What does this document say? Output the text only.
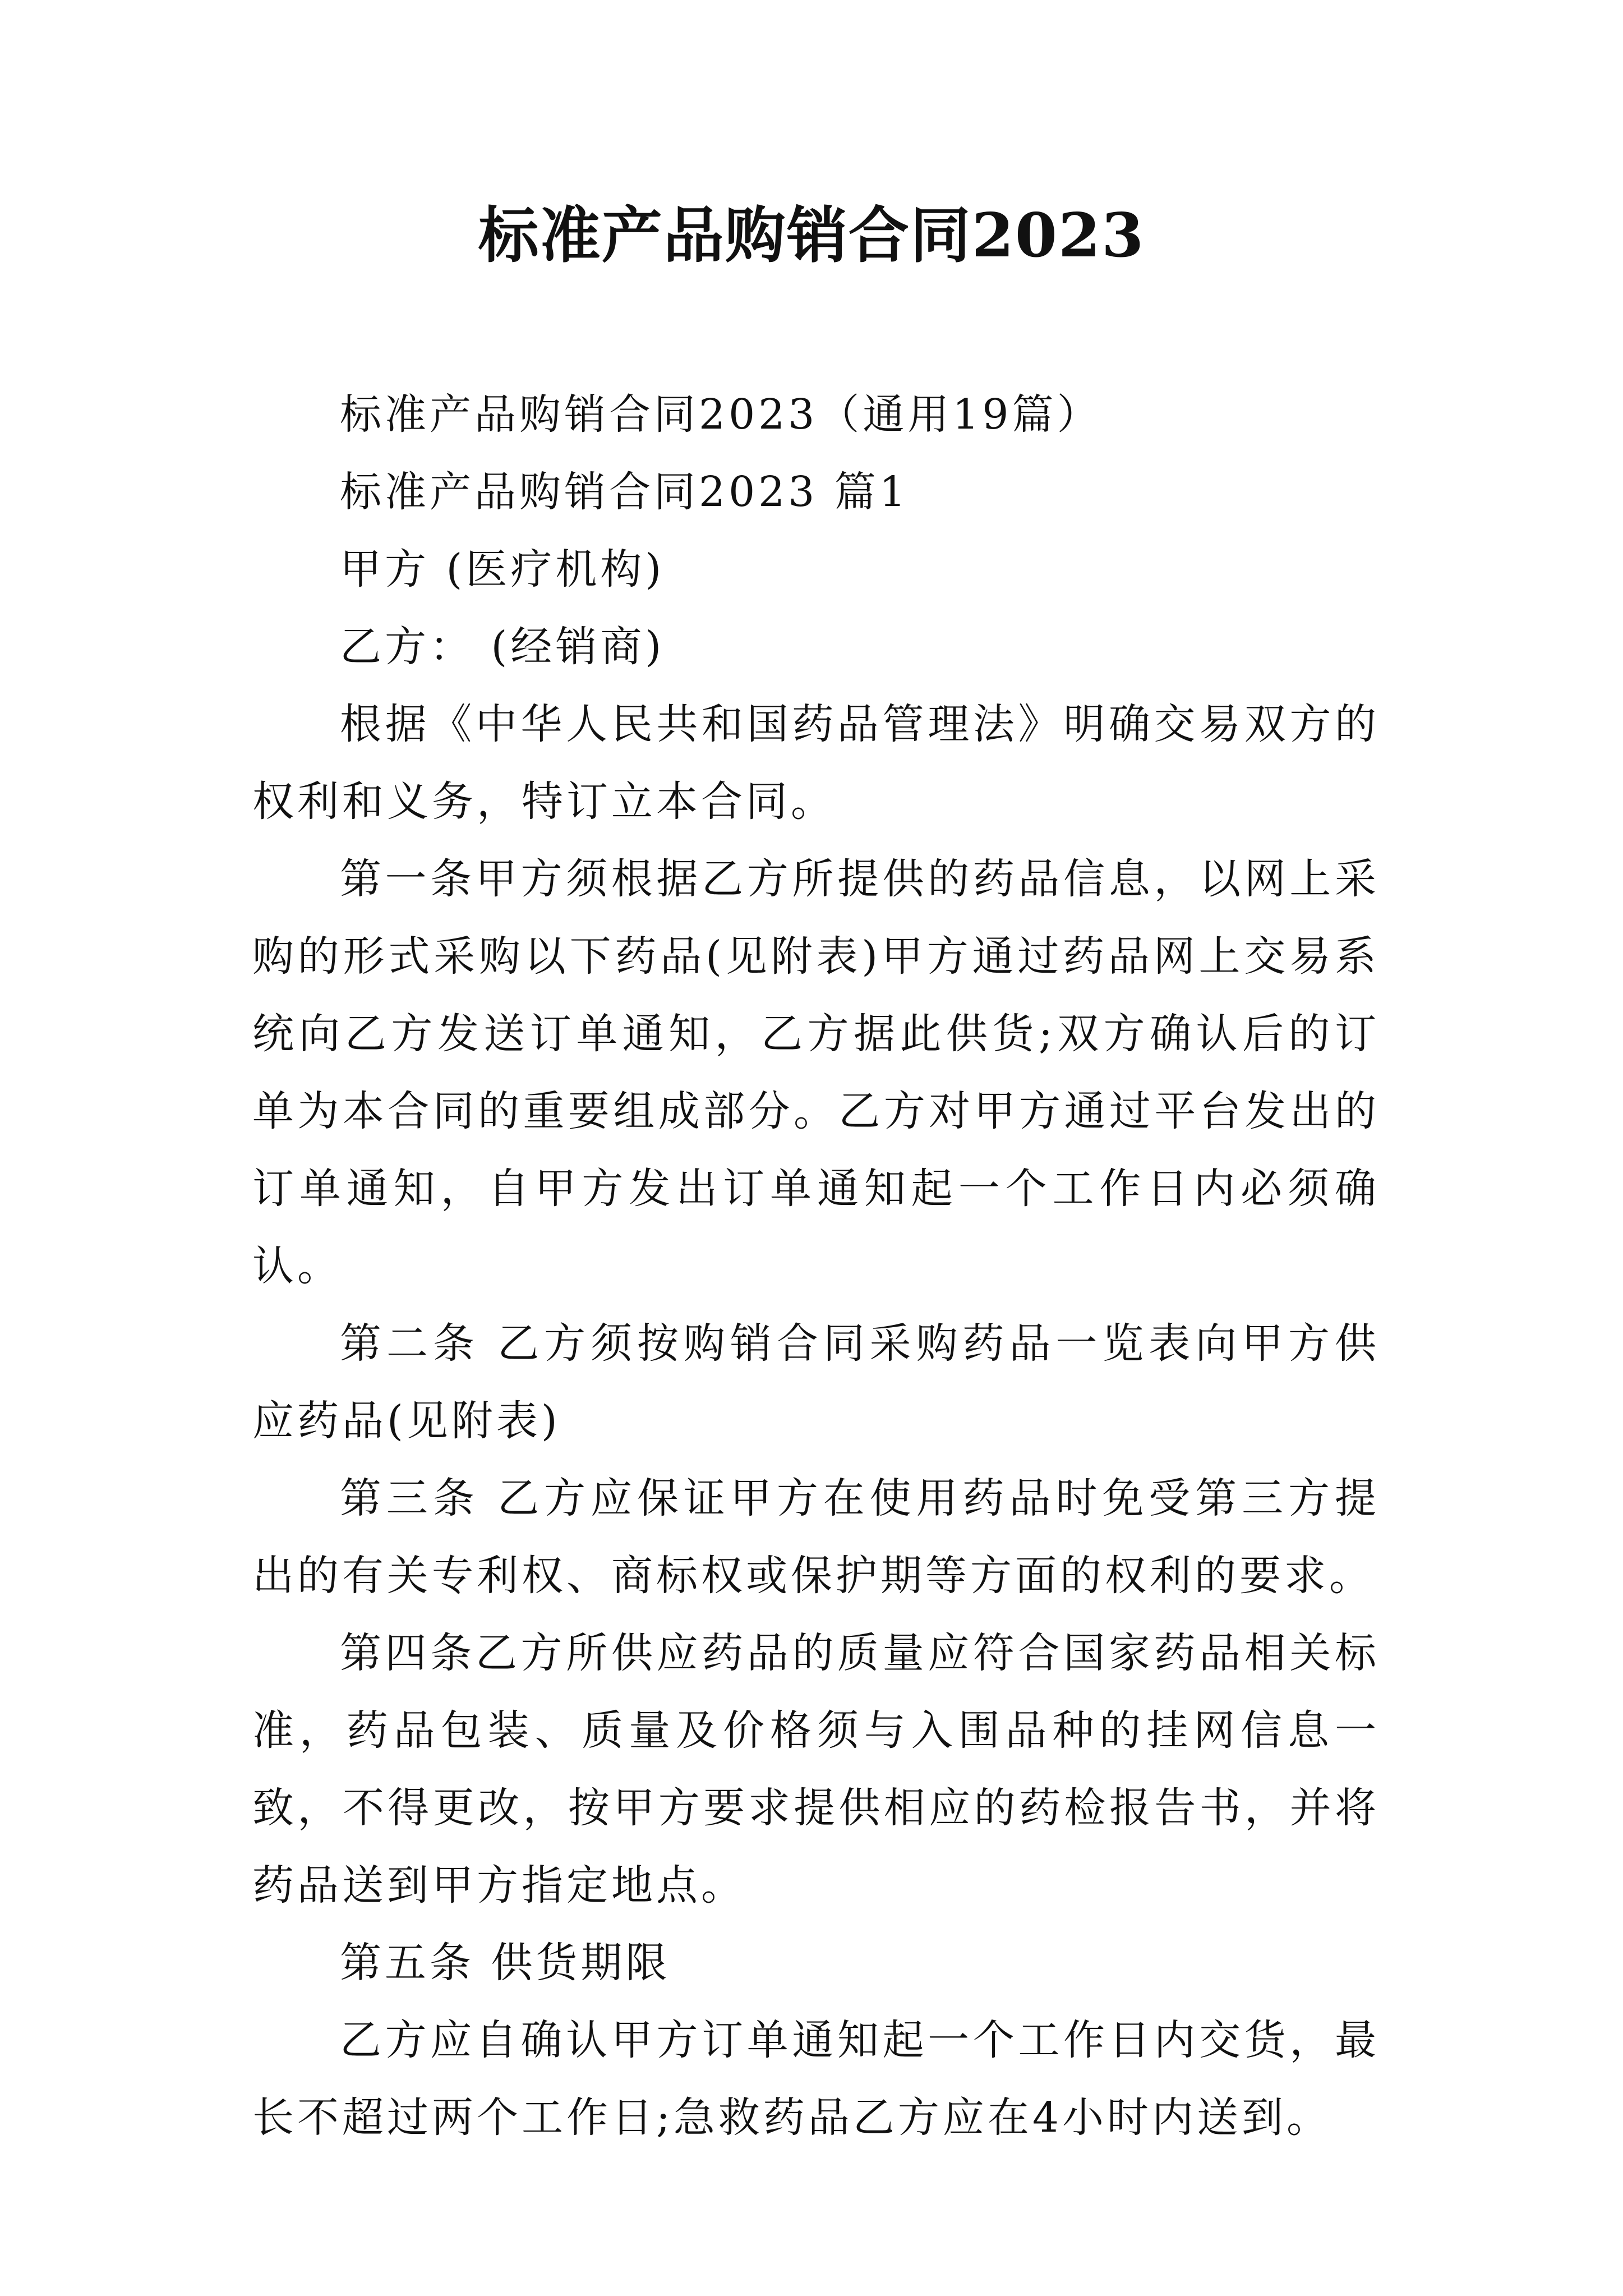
标准产品购销合同2023

标准产品购销合同2023（通用19篇）

标准产品购销合同2023 篇1

甲方 (医疗机构)

乙方： (经销商)

根据《中华人民共和国药品管理法》明确交易双方的权利和义务，特订立本合同。

第一条甲方须根据乙方所提供的药品信息，以网上采购的形式采购以下药品(见附表)甲方通过药品网上交易系统向乙方发送订单通知，乙方据此供货;双方确认后的订单为本合同的重要组成部分。乙方对甲方通过平台发出的订单通知，自甲方发出订单通知起一个工作日内必须确认。

第二条 乙方须按购销合同采购药品一览表向甲方供应药品(见附表)

第三条 乙方应保证甲方在使用药品时免受第三方提出的有关专利权、商标权或保护期等方面的权利的要求。

第四条乙方所供应药品的质量应符合国家药品相关标准，药品包装、质量及价格须与入围品种的挂网信息一致，不得更改，按甲方要求提供相应的药检报告书，并将药品送到甲方指定地点。

第五条 供货期限

乙方应自确认甲方订单通知起一个工作日内交货，最长不超过两个工作日;急救药品乙方应在4小时内送到。
